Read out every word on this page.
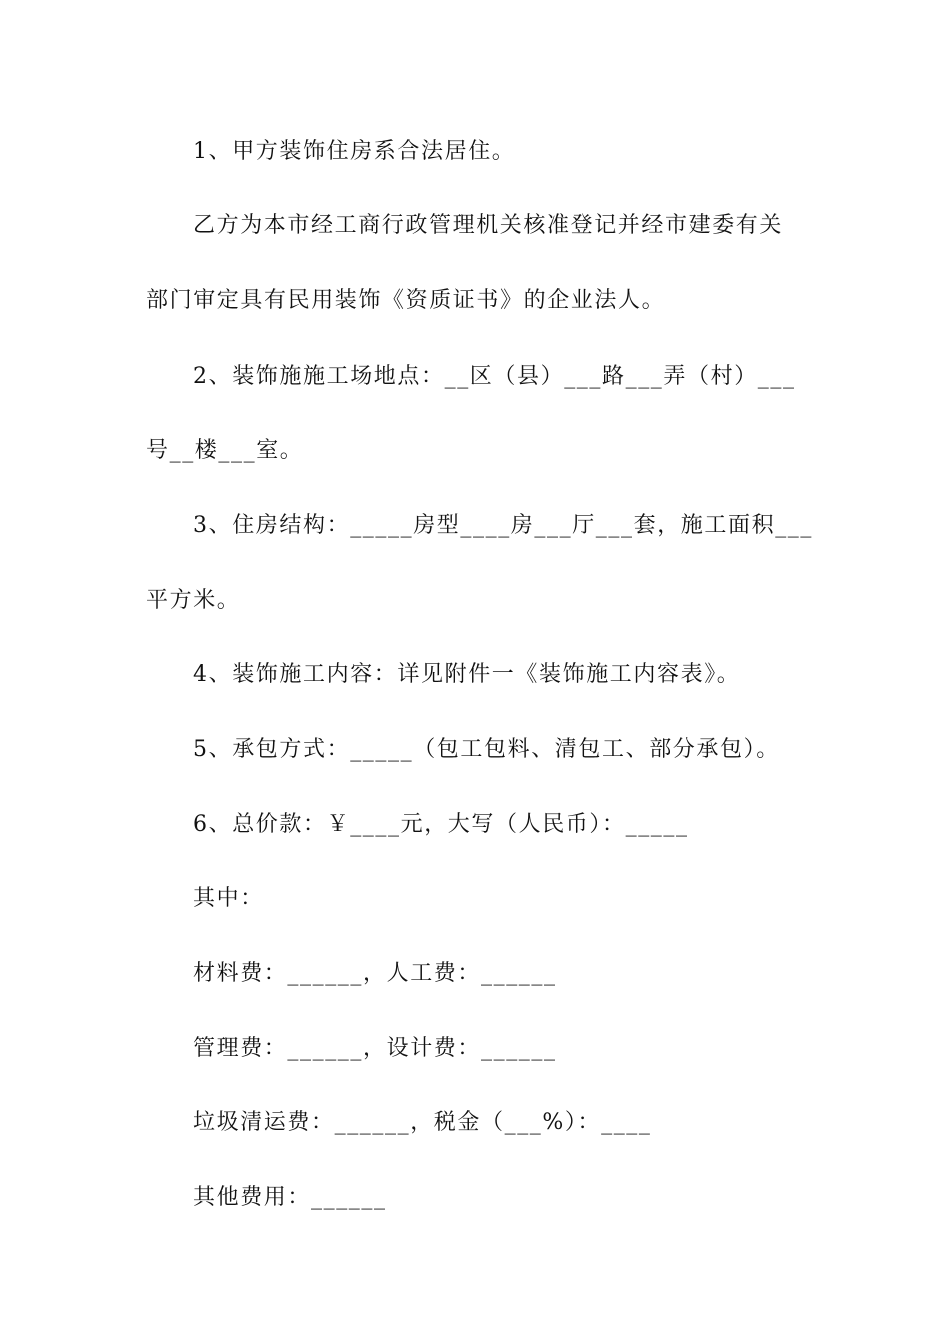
1、甲方装饰住房系合法居住。
乙方为本市经工商行政管理机关核准登记并经市建委有关
部门审定具有民用装饰《资质证书》的企业法人。
2、装饰施施工场地点：__区（县）___路___弄（村）___
号__楼___室。
3、住房结构：_____房型____房___厅___套，施工面积___
平方米。
4、装饰施工内容：详见附件一《装饰施工内容表》。
5、承包方式：_____（包工包料、清包工、部分承包）。
6、总价款：￥____元，大写（人民币）：_____
其中：
材料费：______，人工费：______
管理费：______，设计费：______
垃圾清运费：______，税金（___%）：____
其他费用：______
